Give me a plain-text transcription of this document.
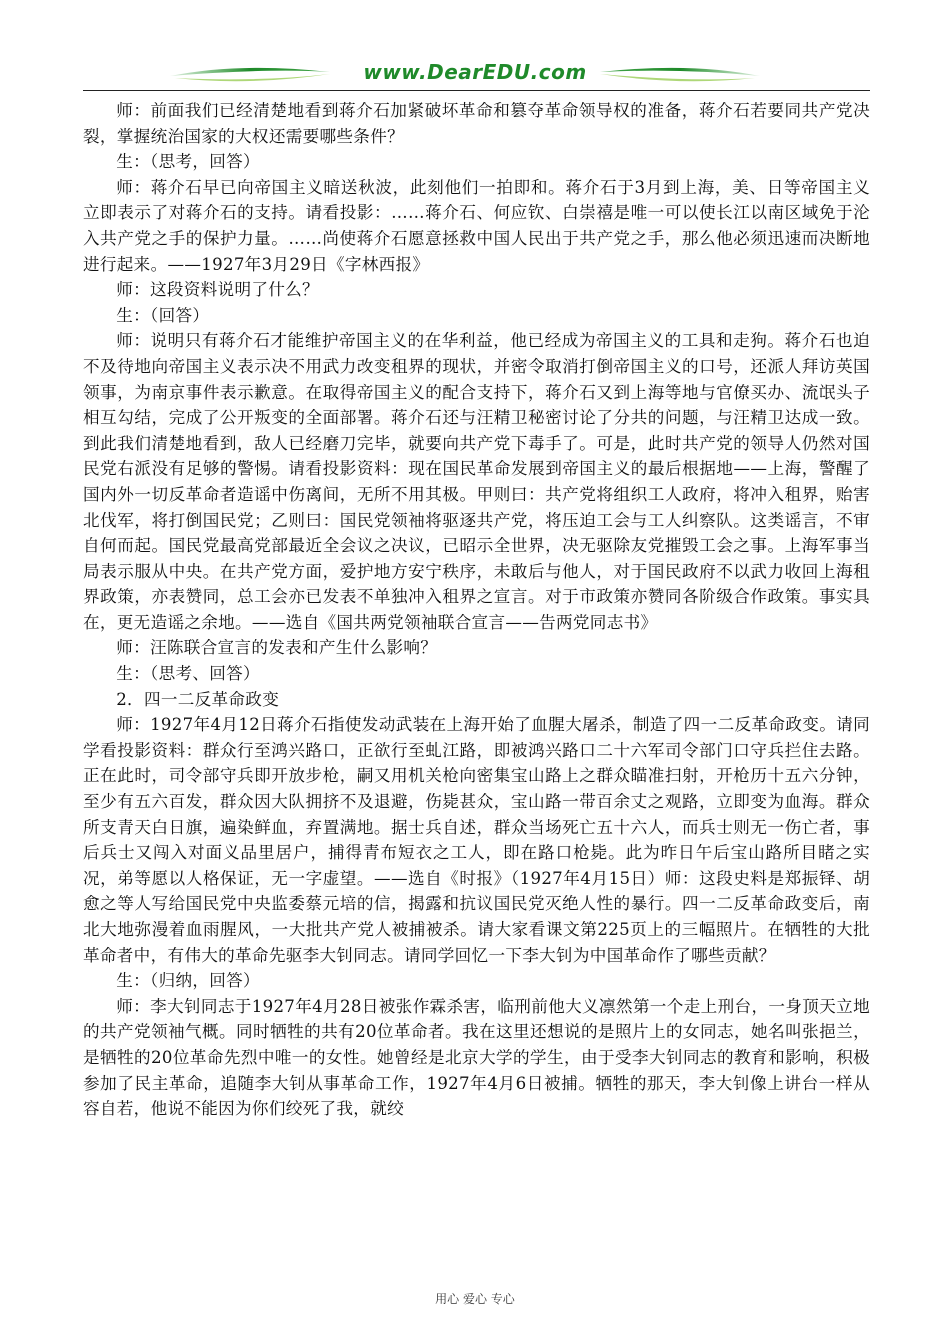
www.DearEDU.com

师：前面我们已经清楚地看到蒋介石加紧破坏革命和篡夺革命领导权的准备，蒋介石若要同共产党决裂，掌握统治国家的大权还需要哪些条件？

生：（思考，回答）

师：蒋介石早已向帝国主义暗送秋波，此刻他们一拍即和。蒋介石于3月到上海，美、日等帝国主义立即表示了对蒋介石的支持。请看投影：……蒋介石、何应钦、白崇禧是唯一可以使长江以南区域免于沦入共产党之手的保护力量。……尚使蒋介石愿意拯救中国人民出于共产党之手，那么他必须迅速而决断地进行起来。——1927年3月29日《字林西报》

师：这段资料说明了什么？

生：（回答）

师：说明只有蒋介石才能维护帝国主义的在华利益，他已经成为帝国主义的工具和走狗。蒋介石也迫不及待地向帝国主义表示决不用武力改变租界的现状，并密令取消打倒帝国主义的口号，还派人拜访英国领事，为南京事件表示歉意。在取得帝国主义的配合支持下，蒋介石又到上海等地与官僚买办、流氓头子相互勾结，完成了公开叛变的全面部署。蒋介石还与汪精卫秘密讨论了分共的问题，与汪精卫达成一致。到此我们清楚地看到，敌人已经磨刀完毕，就要向共产党下毒手了。可是，此时共产党的领导人仍然对国民党右派没有足够的警惕。请看投影资料：现在国民革命发展到帝国主义的最后根据地——上海，警醒了国内外一切反革命者造谣中伤离间，无所不用其极。甲则曰：共产党将组织工人政府，将冲入租界，贻害北伐军，将打倒国民党；乙则曰：国民党领袖将驱逐共产党，将压迫工会与工人纠察队。这类谣言，不审自何而起。国民党最高党部最近全会议之决议，已昭示全世界，决无驱除友党摧毁工会之事。上海军事当局表示服从中央。在共产党方面，爱护地方安宁秩序，未敢后与他人，对于国民政府不以武力收回上海租界政策，亦表赞同，总工会亦已发表不单独冲入租界之宣言。对于市政策亦赞同各阶级合作政策。事实具在，更无造谣之余地。——选自《国共两党领袖联合宣言——告两党同志书》

师：汪陈联合宣言的发表和产生什么影响？

生：（思考、回答）

2．四一二反革命政变

师：1927年4月12日蒋介石指使发动武装在上海开始了血腥大屠杀，制造了四一二反革命政变。请同学看投影资料：群众行至鸿兴路口，正欲行至虬江路，即被鸿兴路口二十六军司令部门口守兵拦住去路。正在此时，司令部守兵即开放步枪，嗣又用机关枪向密集宝山路上之群众瞄准扫射，开枪历十五六分钟，至少有五六百发，群众因大队拥挤不及退避，伤毙甚众，宝山路一带百余丈之观路，立即变为血海。群众所支青天白日旗，遍染鲜血，弃置满地。据士兵自述，群众当场死亡五十六人，而兵士则无一伤亡者，事后兵士又闯入对面义品里居户，捕得青布短衣之工人，即在路口枪毙。此为昨日午后宝山路所目睹之实况，弟等愿以人格保证，无一字虚望。——选自《时报》（1927年4月15日）师：这段史料是郑振铎、胡愈之等人写给国民党中央监委蔡元培的信，揭露和抗议国民党灭绝人性的暴行。四一二反革命政变后，南北大地弥漫着血雨腥风，一大批共产党人被捕被杀。请大家看课文第225页上的三幅照片。在牺牲的大批革命者中，有伟大的革命先驱李大钊同志。请同学回忆一下李大钊为中国革命作了哪些贡献？

生：（归纳，回答）

师：李大钊同志于1927年4月28日被张作霖杀害，临刑前他大义凛然第一个走上刑台，一身顶天立地的共产党领袖气概。同时牺牲的共有20位革命者。我在这里还想说的是照片上的女同志，她名叫张挹兰，是牺牲的20位革命先烈中唯一的女性。她曾经是北京大学的学生，由于受李大钊同志的教育和影响，积极参加了民主革命，追随李大钊从事革命工作，1927年4月6日被捕。牺牲的那天，李大钊像上讲台一样从容自若，他说不能因为你们绞死了我，就绞

用心 爱心 专心
